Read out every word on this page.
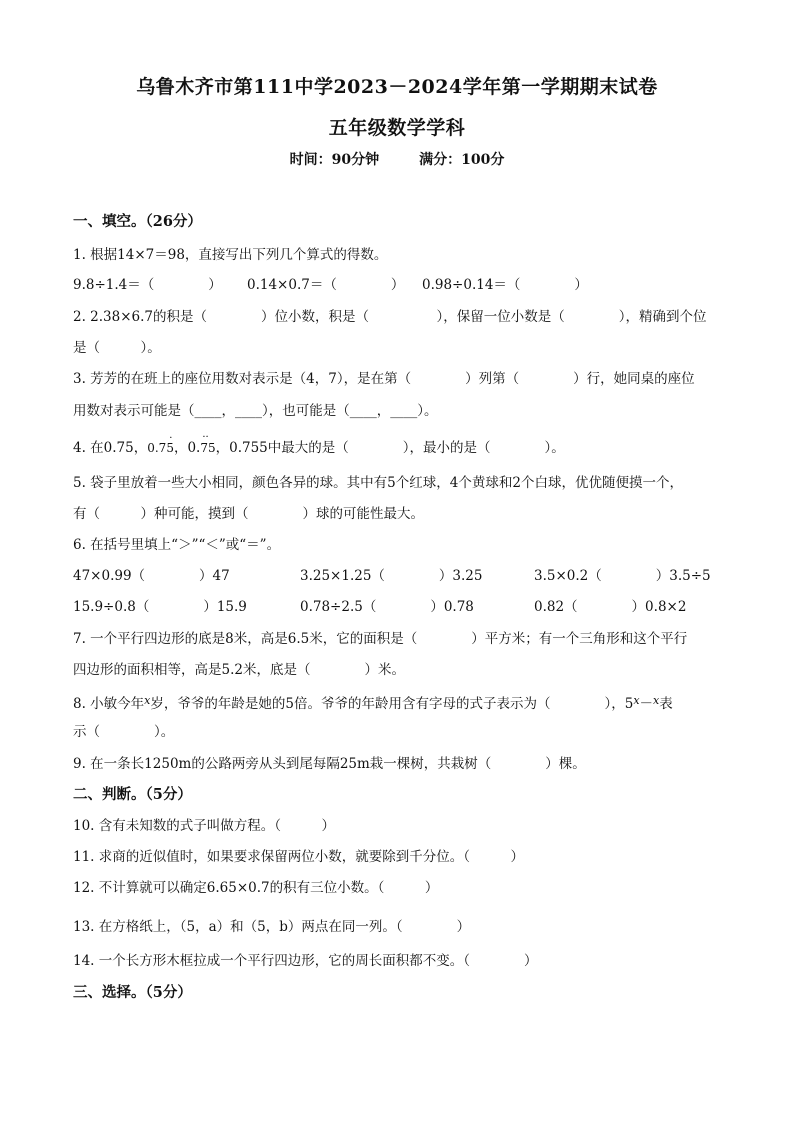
乌鲁木齐市第111中学2023－2024学年第一学期期末试卷
五年级数学学科
时间：90分钟	满分：100分
一、填空。（26分）
1. 根据14×7＝98，直接写出下列几个算式的得数。
9.8÷1.4＝（　　　　） 0.14×0.7＝（　　　　） 0.98÷0.14＝（　　　　）
2. 2.38×6.7的积是（　　　　）位小数，积是（　　　　　），保留一位小数是（　　　　），精确到个位
是（　　　）。
3. 芳芳的在班上的座位用数对表示是（4，7），是在第（　　　　）列第（　　　　）行，她同桌的座位
用数对表示可能是（____，____），也可能是（____，____）。
4. 在0.75，0.75
·
，0.75
··
，0.755中最大的是（　　　　），最小的是（　　　　）。
5. 袋子里放着一些大小相同，颜色各异的球。其中有5个红球，4个黄球和2个白球，优优随便摸一个，
有（　　　）种可能，摸到（　　　　）球的可能性最大。
6. 在括号里填上“＞”“＜”或“＝”。
47×0.99（　　　　）47	3.25×1.25（　　　　）3.25	3.5×0.2（　　　　）3.5÷5
15.9÷0.8（　　　　）15.9	0.78÷2.5（　　　　）0.78	0.82（　　　　）0.8×2
7. 一个平行四边形的底是8米，高是6.5米，它的面积是（　　　　）平方米；有一个三角形和这个平行
四边形的面积相等，高是5.2米，底是（　　　　）米。
8. 小敏今年$^x$岁，爷爷的年龄是她的5倍。爷爷的年龄用含有字母的式子表示为（　　　　），$5^x-^x$表
示（　　　　）。
9. 在一条长1250m的公路两旁从头到尾每隔25m栽一棵树，共栽树（　　　　）棵。
二、判断。（5分）
10. 含有未知数的式子叫做方程。（　　　）
11. 求商的近似值时，如果要求保留两位小数，就要除到千分位。（　　　）
12. 不计算就可以确定6.65×0.7的积有三位小数。（　　　）
13. 在方格纸上，（5，a）和（5，b）两点在同一列。（　　　　）
14. 一个长方形木框拉成一个平行四边形，它的周长面积都不变。（　　　　）
三、选择。（5分）
